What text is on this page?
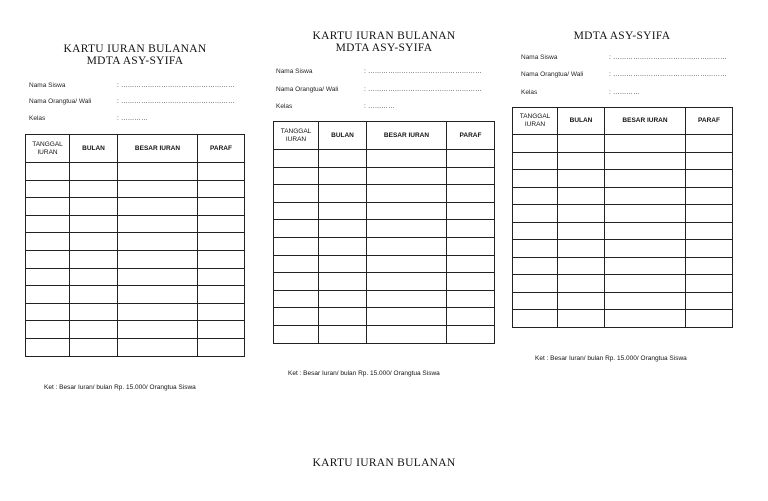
KARTU IURAN BULANAN
MDTA ASY-SYIFA
Nama Siswa	: ……………………………………………
Nama Orangtua/ Wali	: ……………………………………………
Kelas	: …………
TANGGAL IURAN	BULAN	BESAR IURAN	PARAF

Ket : Besar Iuran/ bulan Rp. 15.000/ Orangtua Siswa
KARTU IURAN BULANAN
MDTA ASY-SYIFA
Nama Siswa	: ……………………………………………
Nama Orangtua/ Wali	: ……………………………………………
Kelas	: …………
TANGGAL IURAN	BULAN	BESAR IURAN	PARAF

Ket : Besar Iuran/ bulan Rp. 15.000/ Orangtua Siswa
MDTA ASY-SYIFA
Nama Siswa	: ……………………………………………
Nama Orangtua/ Wali	: ……………………………………………
Kelas	: …………
TANGGAL IURAN	BULAN	BESAR IURAN	PARAF

Ket : Besar Iuran/ bulan Rp. 15.000/ Orangtua Siswa
KARTU IURAN BULANAN
